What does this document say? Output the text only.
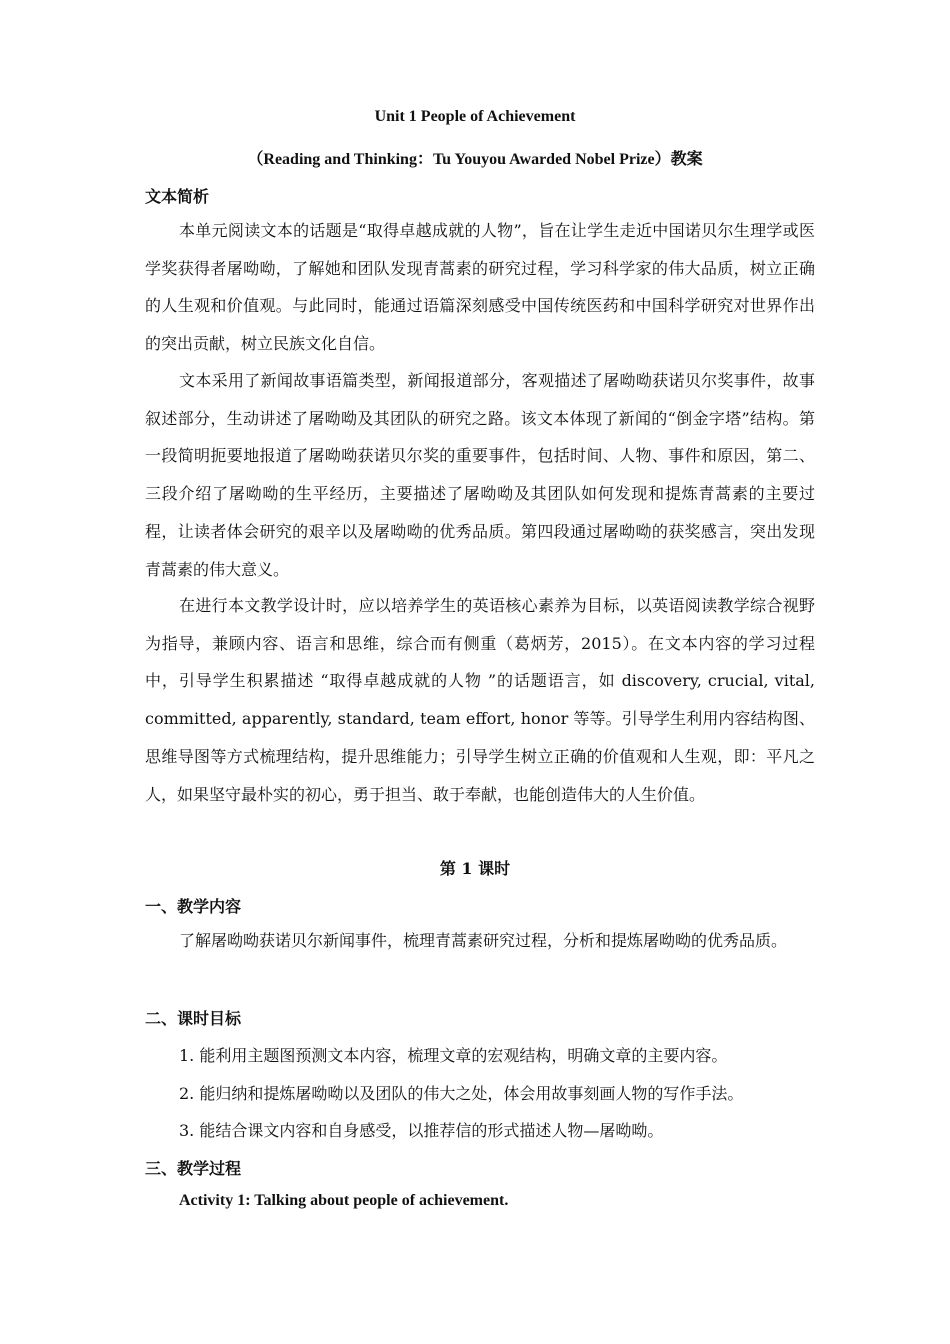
Unit 1 People of Achievement
（Reading and Thinking：Tu Youyou Awarded Nobel Prize）教案
文本简析

本单元阅读文本的话题是“取得卓越成就的人物”，旨在让学生走近中国诺贝尔生理学或医学奖获得者屠呦呦，了解她和团队发现青蒿素的研究过程，学习科学家的伟大品质，树立正确的人生观和价值观。与此同时，能通过语篇深刻感受中国传统医药和中国科学研究对世界作出的突出贡献，树立民族文化自信。

文本采用了新闻故事语篇类型，新闻报道部分，客观描述了屠呦呦获诺贝尔奖事件，故事叙述部分，生动讲述了屠呦呦及其团队的研究之路。该文本体现了新闻的“倒金字塔”结构。第一段简明扼要地报道了屠呦呦获诺贝尔奖的重要事件，包括时间、人物、事件和原因，第二、三段介绍了屠呦呦的生平经历，主要描述了屠呦呦及其团队如何发现和提炼青蒿素的主要过程，让读者体会研究的艰辛以及屠呦呦的优秀品质。第四段通过屠呦呦的获奖感言，突出发现青蒿素的伟大意义。

在进行本文教学设计时，应以培养学生的英语核心素养为目标，以英语阅读教学综合视野为指导，兼顾内容、语言和思维，综合而有侧重（葛炳芳，2015）。在文本内容的学习过程中，引导学生积累描述 “取得卓越成就的人物 ”的话题语言，如 discovery, crucial, vital, committed, apparently, standard, team effort, honor 等等。引导学生利用内容结构图、思维导图等方式梳理结构，提升思维能力；引导学生树立正确的价值观和人生观，即：平凡之人，如果坚守最朴实的初心，勇于担当、敢于奉献，也能创造伟大的人生价值。

第 1 课时
一、教学内容

了解屠呦呦获诺贝尔新闻事件，梳理青蒿素研究过程，分析和提炼屠呦呦的优秀品质。

二、课时目标
1. 能利用主题图预测文本内容，梳理文章的宏观结构，明确文章的主要内容。
2. 能归纳和提炼屠呦呦以及团队的伟大之处，体会用故事刻画人物的写作手法。
3. 能结合课文内容和自身感受，以推荐信的形式描述人物—屠呦呦。
三、教学过程
Activity 1: Talking about people of achievement.
